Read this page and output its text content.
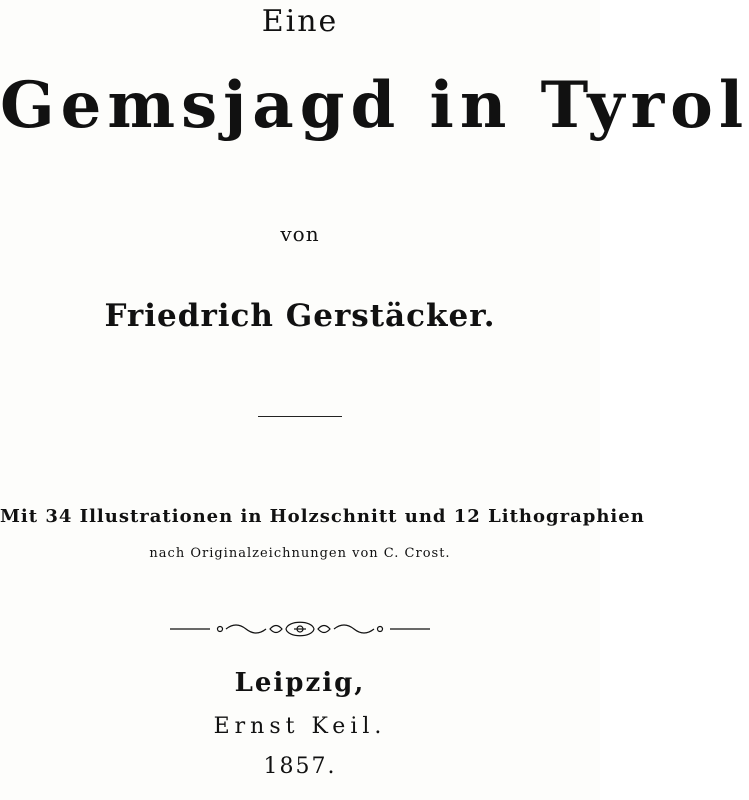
Eine
Gemsjagd in Tyrol
von
Friedrich Gerstäcker.
Mit 34 Illustrationen in Holzschnitt und 12 Lithographien
nach Originalzeichnungen von C. Crost.
Leipzig,
Ernst Keil.
1857.
